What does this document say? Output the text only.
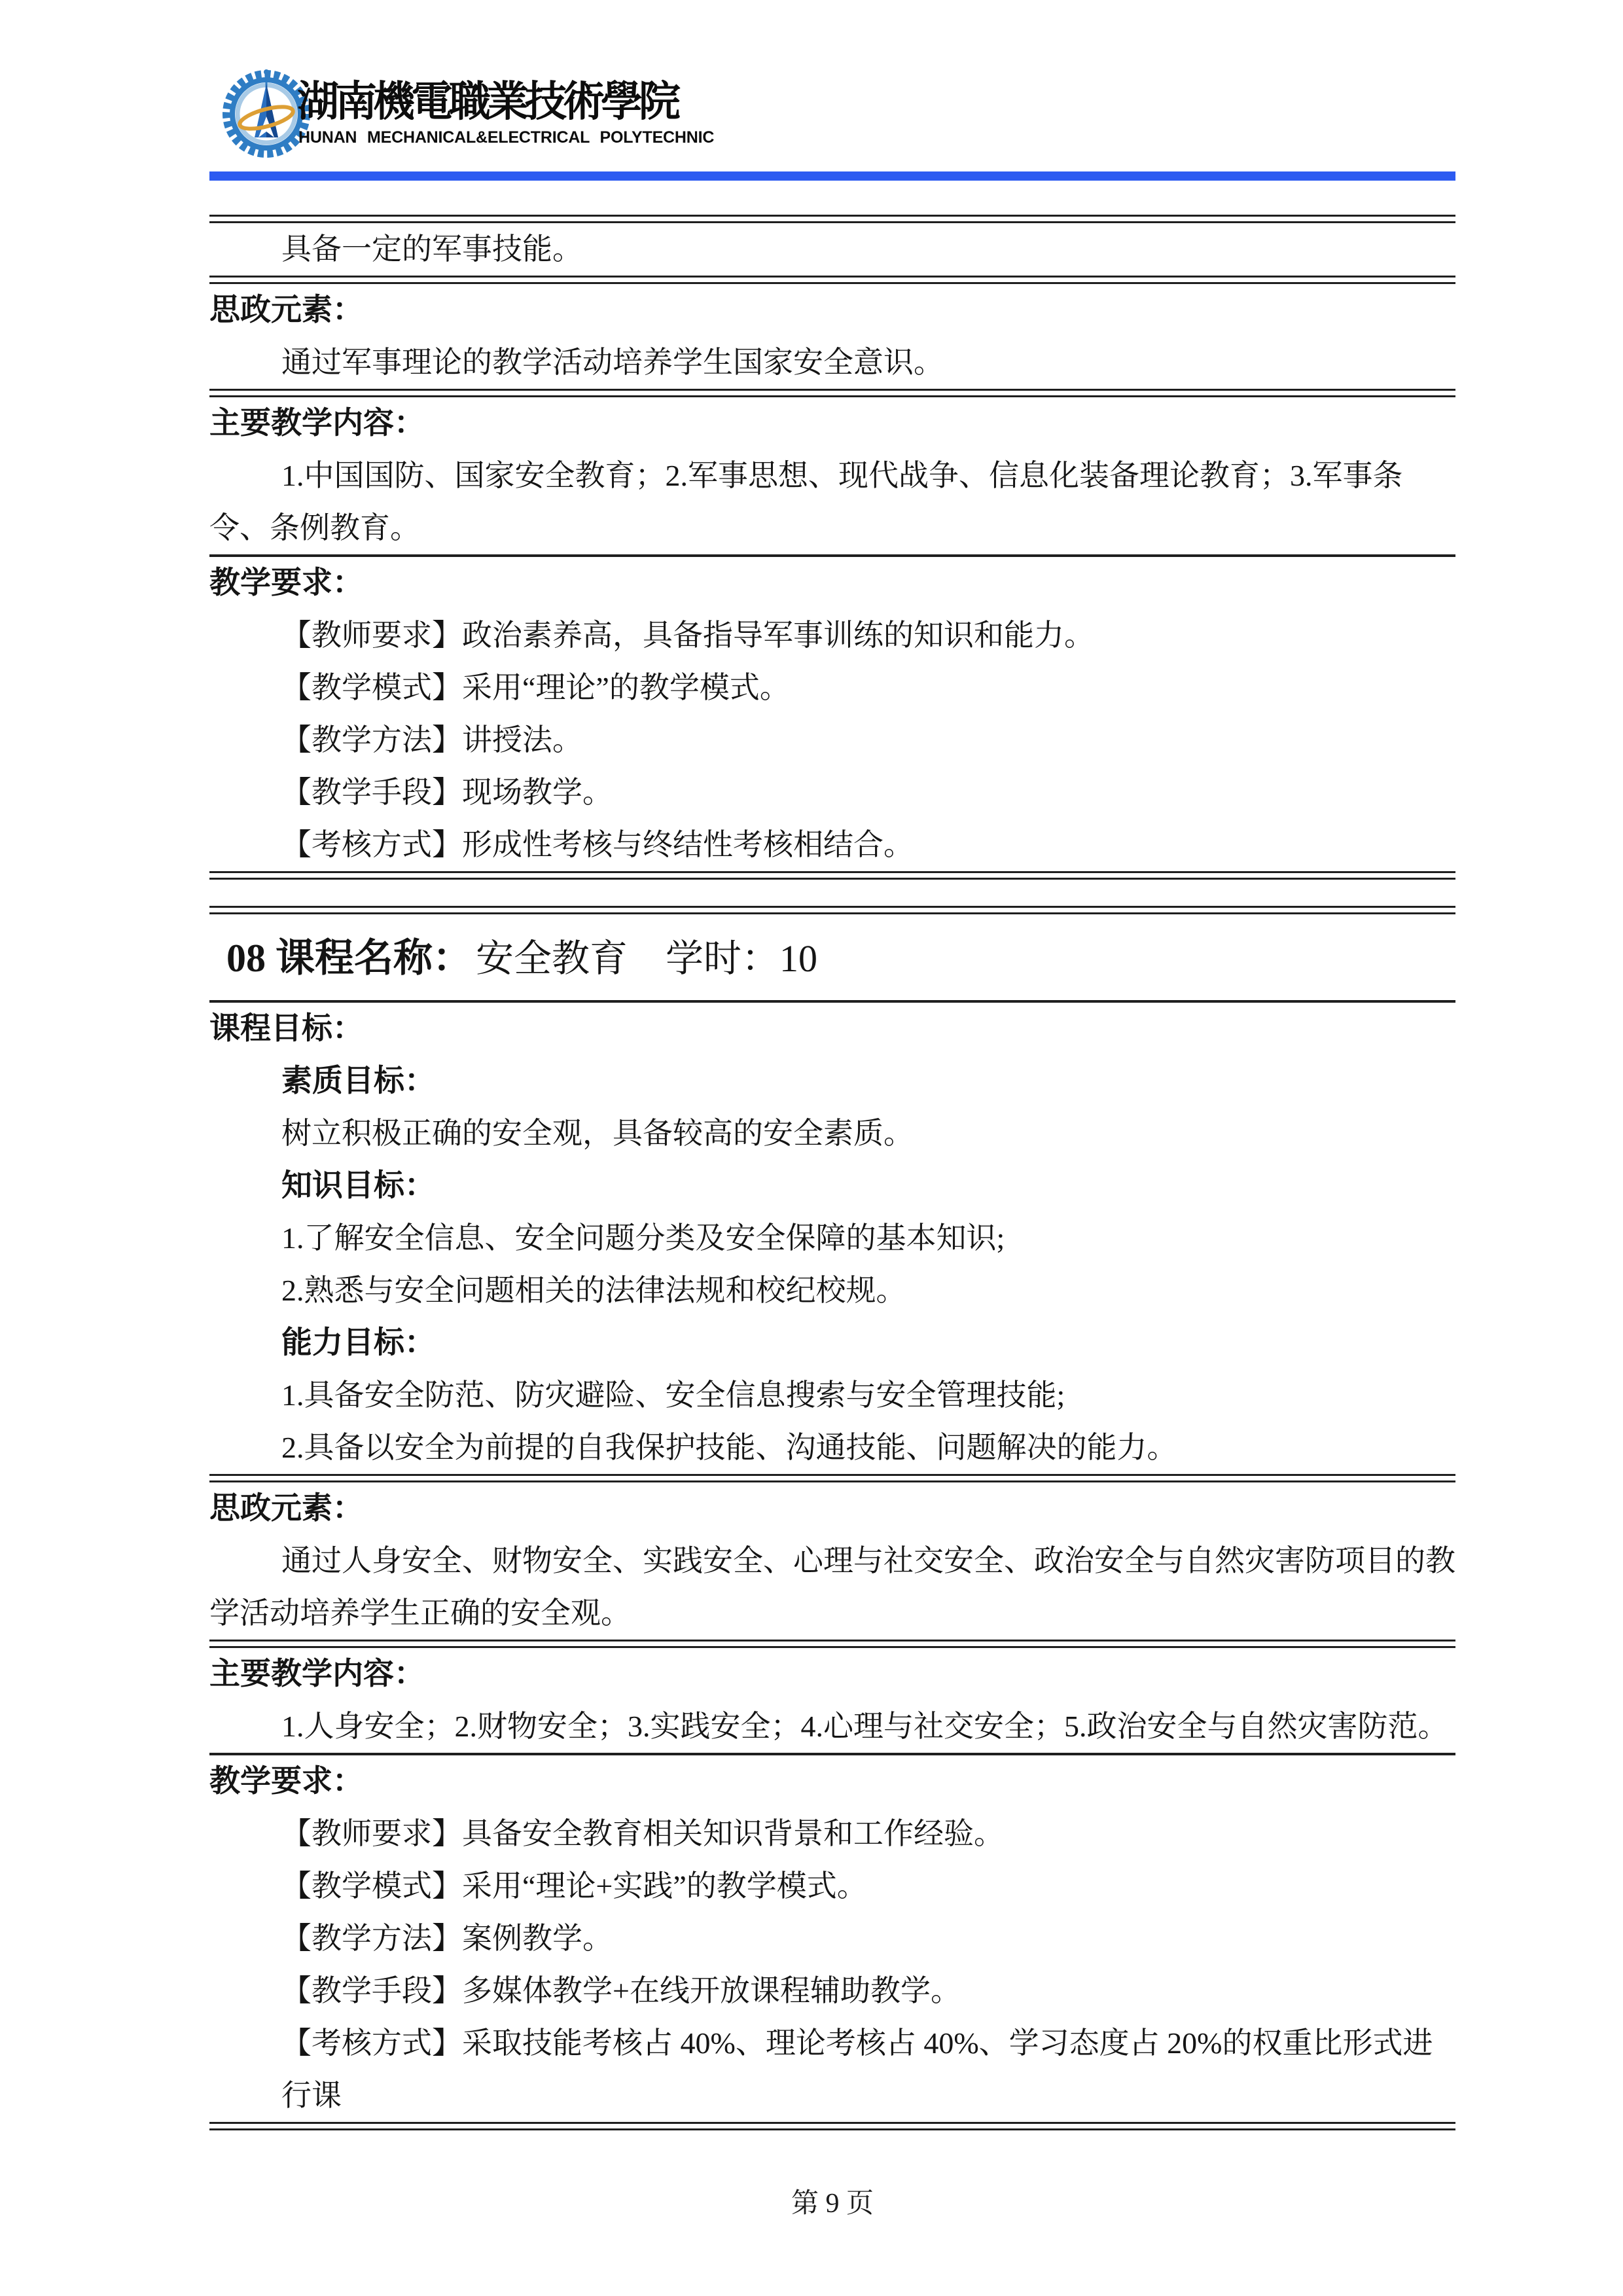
湖南機電職業技術學院
HUNAN MECHANICAL&ELECTRICAL POLYTECHNIC

具备一定的军事技能。

思政元素：

通过军事理论的教学活动培养学生国家安全意识。

主要教学内容：

1.中国国防、国家安全教育；2.军事思想、现代战争、信息化装备理论教育；3.军事条令、条例教育。

教学要求：

【教师要求】政治素养高，具备指导军事训练的知识和能力。

【教学模式】采用“理论”的教学模式。

【教学方法】讲授法。

【教学手段】现场教学。

【考核方式】形成性考核与终结性考核相结合。

08 课程名称： 安全教育 学时：10
课程目标：
素质目标：

树立积极正确的安全观，具备较高的安全素质。

知识目标：

1.了解安全信息、安全问题分类及安全保障的基本知识;

2.熟悉与安全问题相关的法律法规和校纪校规。

能力目标：

1.具备安全防范、防灾避险、安全信息搜索与安全管理技能;

2.具备以安全为前提的自我保护技能、沟通技能、问题解决的能力。

思政元素：

通过人身安全、财物安全、实践安全、心理与社交安全、政治安全与自然灾害防项目的教学活动培养学生正确的安全观。

主要教学内容：

1.人身安全；2.财物安全；3.实践安全；4.心理与社交安全；5.政治安全与自然灾害防范。

教学要求：

【教师要求】具备安全教育相关知识背景和工作经验。

【教学模式】采用“理论+实践”的教学模式。

【教学方法】案例教学。

【教学手段】多媒体教学+在线开放课程辅助教学。

【考核方式】采取技能考核占 40%、理论考核占 40%、学习态度占 20%的权重比形式进行课

第 9 页
